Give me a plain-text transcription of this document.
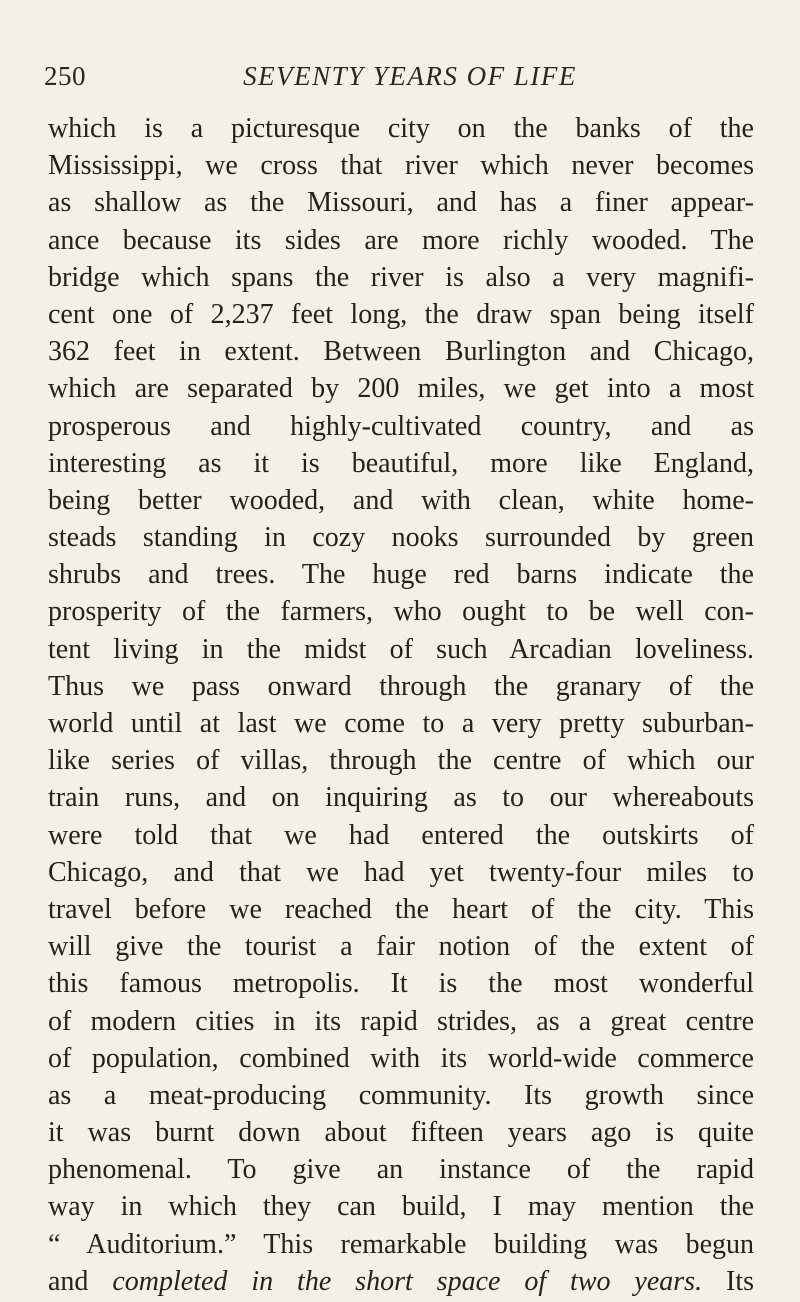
250	SEVENTY YEARS OF LIFE
which is a picturesque city on the banks of the
Mississippi, we cross that river which never becomes
as shallow as the Missouri, and has a finer appear-
ance because its sides are more richly wooded. The
bridge which spans the river is also a very magnifi-
cent one of 2,237 feet long, the draw span being itself
362 feet in extent. Between Burlington and Chicago,
which are separated by 200 miles, we get into a most
prosperous and highly-cultivated country, and as
interesting as it is beautiful, more like England,
being better wooded, and with clean, white home-
steads standing in cozy nooks surrounded by green
shrubs and trees. The huge red barns indicate the
prosperity of the farmers, who ought to be well con-
tent living in the midst of such Arcadian loveliness.
Thus we pass onward through the granary of the
world until at last we come to a very pretty suburban-
like series of villas, through the centre of which our
train runs, and on inquiring as to our whereabouts
were told that we had entered the outskirts of
Chicago, and that we had yet twenty-four miles to
travel before we reached the heart of the city. This
will give the tourist a fair notion of the extent of
this famous metropolis. It is the most wonderful
of modern cities in its rapid strides, as a great centre
of population, combined with its world-wide commerce
as a meat-producing community. Its growth since
it was burnt down about fifteen years ago is quite
phenomenal. To give an instance of the rapid
way in which they can build, I may mention the
“ Auditorium.” This remarkable building was begun
and completed in the short space of two years. Its
